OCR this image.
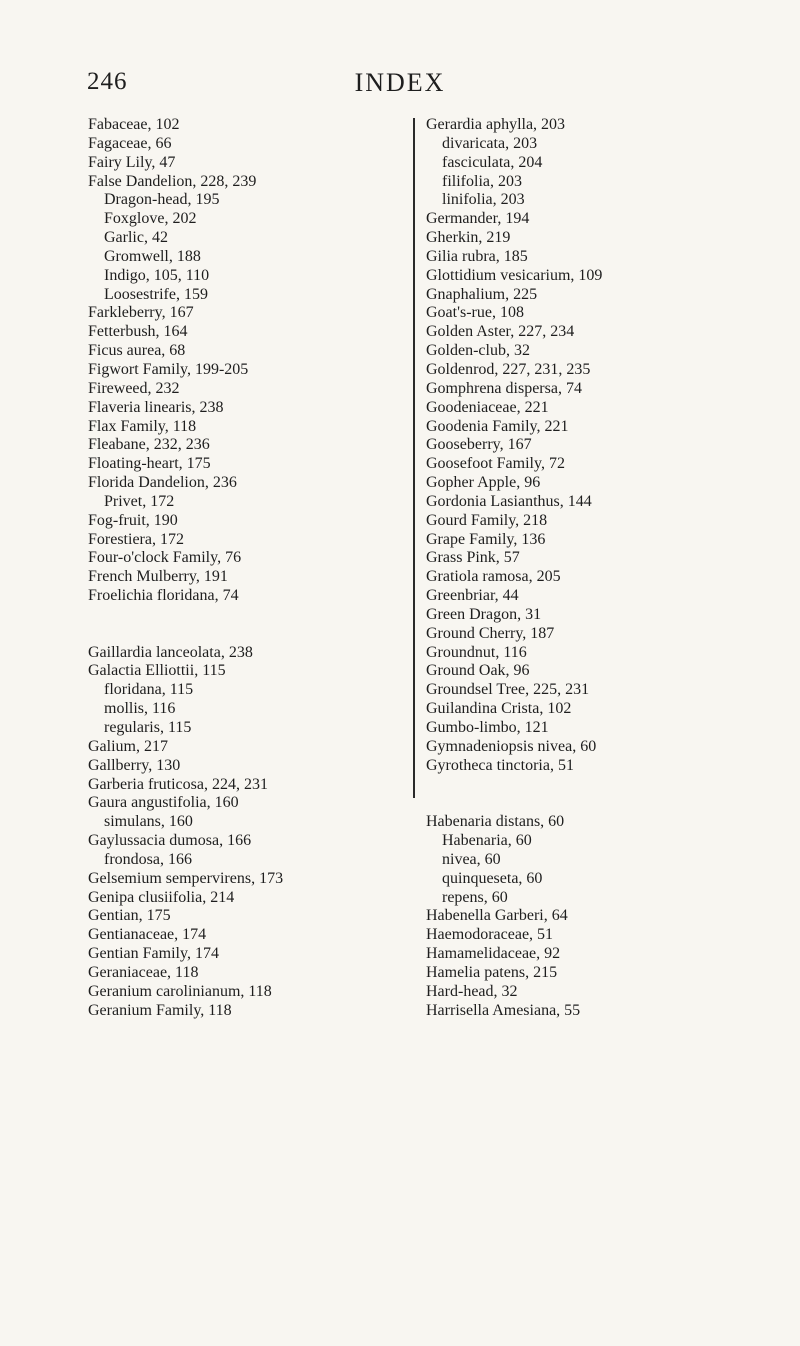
246	INDEX
Fabaceae, 102
Fagaceae, 66
Fairy Lily, 47
False Dandelion, 228, 239
Dragon-head, 195
Foxglove, 202
Garlic, 42
Gromwell, 188
Indigo, 105, 110
Loosestrife, 159
Farkleberry, 167
Fetterbush, 164
Ficus aurea, 68
Figwort Family, 199-205
Fireweed, 232
Flaveria linearis, 238
Flax Family, 118
Fleabane, 232, 236
Floating-heart, 175
Florida Dandelion, 236
Privet, 172
Fog-fruit, 190
Forestiera, 172
Four-o'clock Family, 76
French Mulberry, 191
Froelichia floridana, 74
Gaillardia lanceolata, 238
Galactia Elliottii, 115
floridana, 115
mollis, 116
regularis, 115
Galium, 217
Gallberry, 130
Garberia fruticosa, 224, 231
Gaura angustifolia, 160
simulans, 160
Gaylussacia dumosa, 166
frondosa, 166
Gelsemium sempervirens, 173
Genipa clusiifolia, 214
Gentian, 175
Gentianaceae, 174
Gentian Family, 174
Geraniaceae, 118
Geranium carolinianum, 118
Geranium Family, 118
Gerardia aphylla, 203
divaricata, 203
fasciculata, 204
filifolia, 203
linifolia, 203
Germander, 194
Gherkin, 219
Gilia rubra, 185
Glottidium vesicarium, 109
Gnaphalium, 225
Goat's-rue, 108
Golden Aster, 227, 234
Golden-club, 32
Goldenrod, 227, 231, 235
Gomphrena dispersa, 74
Goodeniaceae, 221
Goodenia Family, 221
Gooseberry, 167
Goosefoot Family, 72
Gopher Apple, 96
Gordonia Lasianthus, 144
Gourd Family, 218
Grape Family, 136
Grass Pink, 57
Gratiola ramosa, 205
Greenbriar, 44
Green Dragon, 31
Ground Cherry, 187
Groundnut, 116
Ground Oak, 96
Groundsel Tree, 225, 231
Guilandina Crista, 102
Gumbo-limbo, 121
Gymnadeniopsis nivea, 60
Gyrotheca tinctoria, 51
Habenaria distans, 60
Habenaria, 60
nivea, 60
quinqueseta, 60
repens, 60
Habenella Garberi, 64
Haemodoraceae, 51
Hamamelidaceae, 92
Hamelia patens, 215
Hard-head, 32
Harrisella Amesiana, 55
